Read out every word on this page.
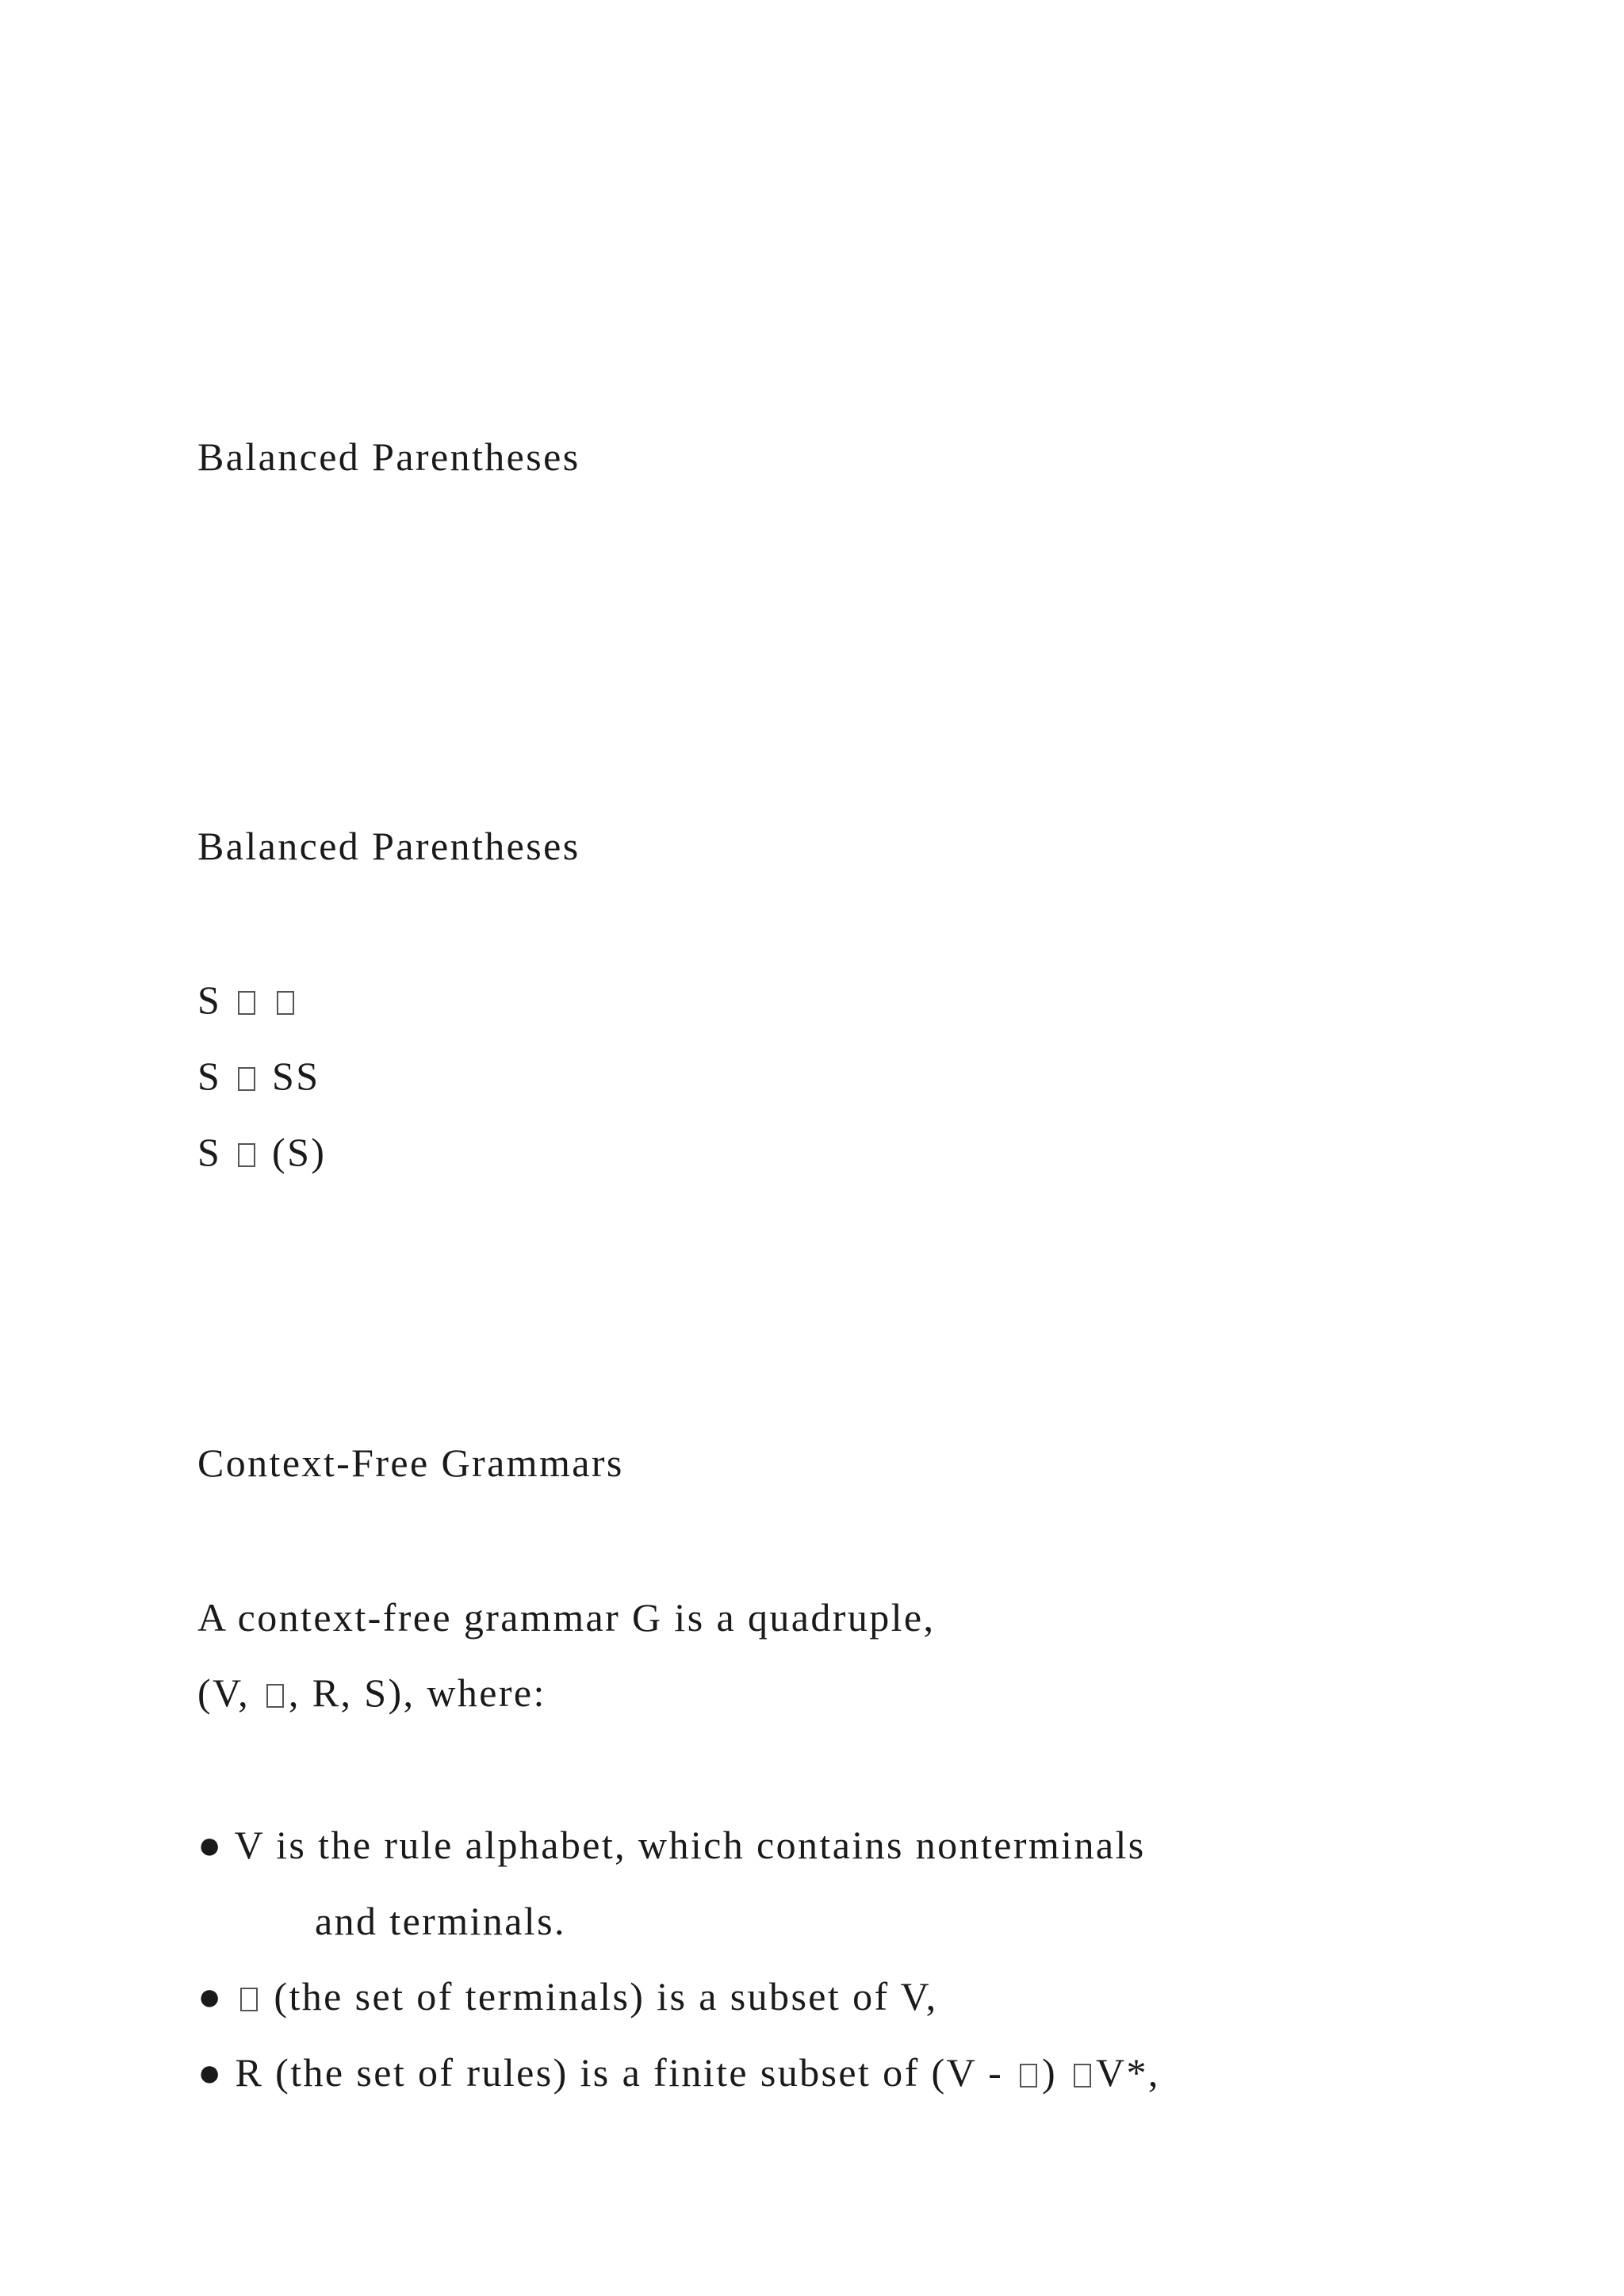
Balanced Parentheses
Balanced Parentheses
S
S SS
S (S)
Context-Free Grammars
A context-free grammar G is a quadruple,
(V, , R, S), where:
● V is the rule alphabet, which contains nonterminals
and terminals.
●  (the set of terminals) is a subset of V,
● R (the set of rules) is a finite subset of (V - ) V*,
